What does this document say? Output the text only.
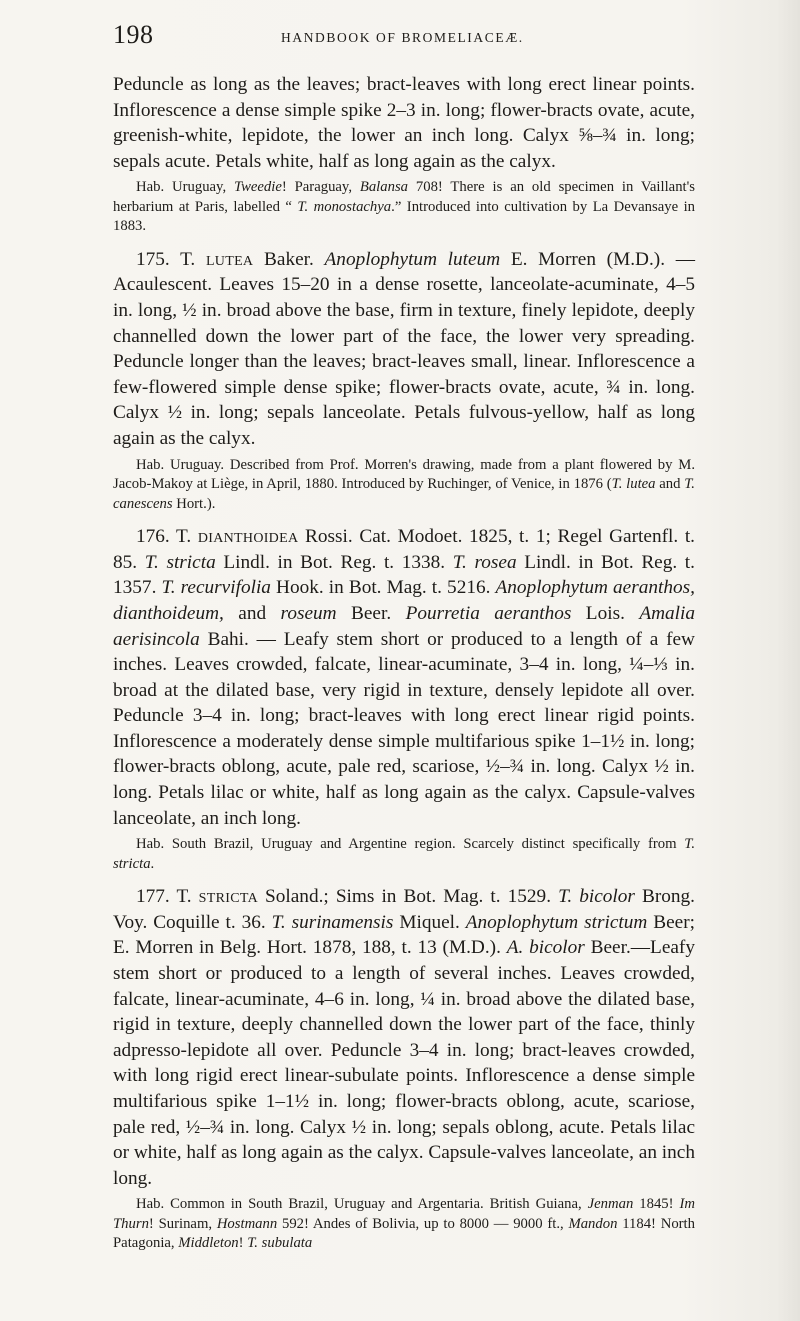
198	HANDBOOK OF BROMELIACEÆ.

Peduncle as long as the leaves; bract-leaves with long erect linear points. Inflorescence a dense simple spike 2–3 in. long; flower-bracts ovate, acute, greenish-white, lepidote, the lower an inch long. Calyx ⅝–¾ in. long; sepals acute. Petals white, half as long again as the calyx.

Hab. Uruguay, Tweedie! Paraguay, Balansa 708! There is an old specimen in Vaillant's herbarium at Paris, labelled “ T. monostachya.” Introduced into cultivation by La Devansaye in 1883.

175. T. lutea Baker. Anoplophytum luteum E. Morren (M.D.). —Acaulescent. Leaves 15–20 in a dense rosette, lanceolate-acuminate, 4–5 in. long, ½ in. broad above the base, firm in texture, finely lepidote, deeply channelled down the lower part of the face, the lower very spreading. Peduncle longer than the leaves; bract-leaves small, linear. Inflorescence a few-flowered simple dense spike; flower-bracts ovate, acute, ¾ in. long. Calyx ½ in. long; sepals lanceolate. Petals fulvous-yellow, half as long again as the calyx.

Hab. Uruguay. Described from Prof. Morren's drawing, made from a plant flowered by M. Jacob-Makoy at Liège, in April, 1880. Introduced by Ruchinger, of Venice, in 1876 (T. lutea and T. canescens Hort.).

176. T. dianthoidea Rossi. Cat. Modoet. 1825, t. 1; Regel Gartenfl. t. 85. T. stricta Lindl. in Bot. Reg. t. 1338. T. rosea Lindl. in Bot. Reg. t. 1357. T. recurvifolia Hook. in Bot. Mag. t. 5216. Anoplophytum aeranthos, dianthoideum, and roseum Beer. Pourretia aeranthos Lois. Amalia aerisincola Bahi. — Leafy stem short or produced to a length of a few inches. Leaves crowded, falcate, linear-acuminate, 3–4 in. long, ¼–⅓ in. broad at the dilated base, very rigid in texture, densely lepidote all over. Peduncle 3–4 in. long; bract-leaves with long erect linear rigid points. Inflorescence a moderately dense simple multifarious spike 1–1½ in. long; flower-bracts oblong, acute, pale red, scariose, ½–¾ in. long. Calyx ½ in. long. Petals lilac or white, half as long again as the calyx. Capsule-valves lanceolate, an inch long.

Hab. South Brazil, Uruguay and Argentine region. Scarcely distinct specifically from T. stricta.

177. T. stricta Soland.; Sims in Bot. Mag. t. 1529. T. bicolor Brong. Voy. Coquille t. 36. T. surinamensis Miquel. Anoplophytum strictum Beer; E. Morren in Belg. Hort. 1878, 188, t. 13 (M.D.). A. bicolor Beer.—Leafy stem short or produced to a length of several inches. Leaves crowded, falcate, linear-acuminate, 4–6 in. long, ¼ in. broad above the dilated base, rigid in texture, deeply channelled down the lower part of the face, thinly adpresso-lepidote all over. Peduncle 3–4 in. long; bract-leaves crowded, with long rigid erect linear-subulate points. Inflorescence a dense simple multifarious spike 1–1½ in. long; flower-bracts oblong, acute, scariose, pale red, ½–¾ in. long. Calyx ½ in. long; sepals oblong, acute. Petals lilac or white, half as long again as the calyx. Capsule-valves lanceolate, an inch long.

Hab. Common in South Brazil, Uruguay and Argentaria. British Guiana, Jenman 1845! Im Thurn! Surinam, Hostmann 592! Andes of Bolivia, up to 8000 — 9000 ft., Mandon 1184! North Patagonia, Middleton! T. subulata
